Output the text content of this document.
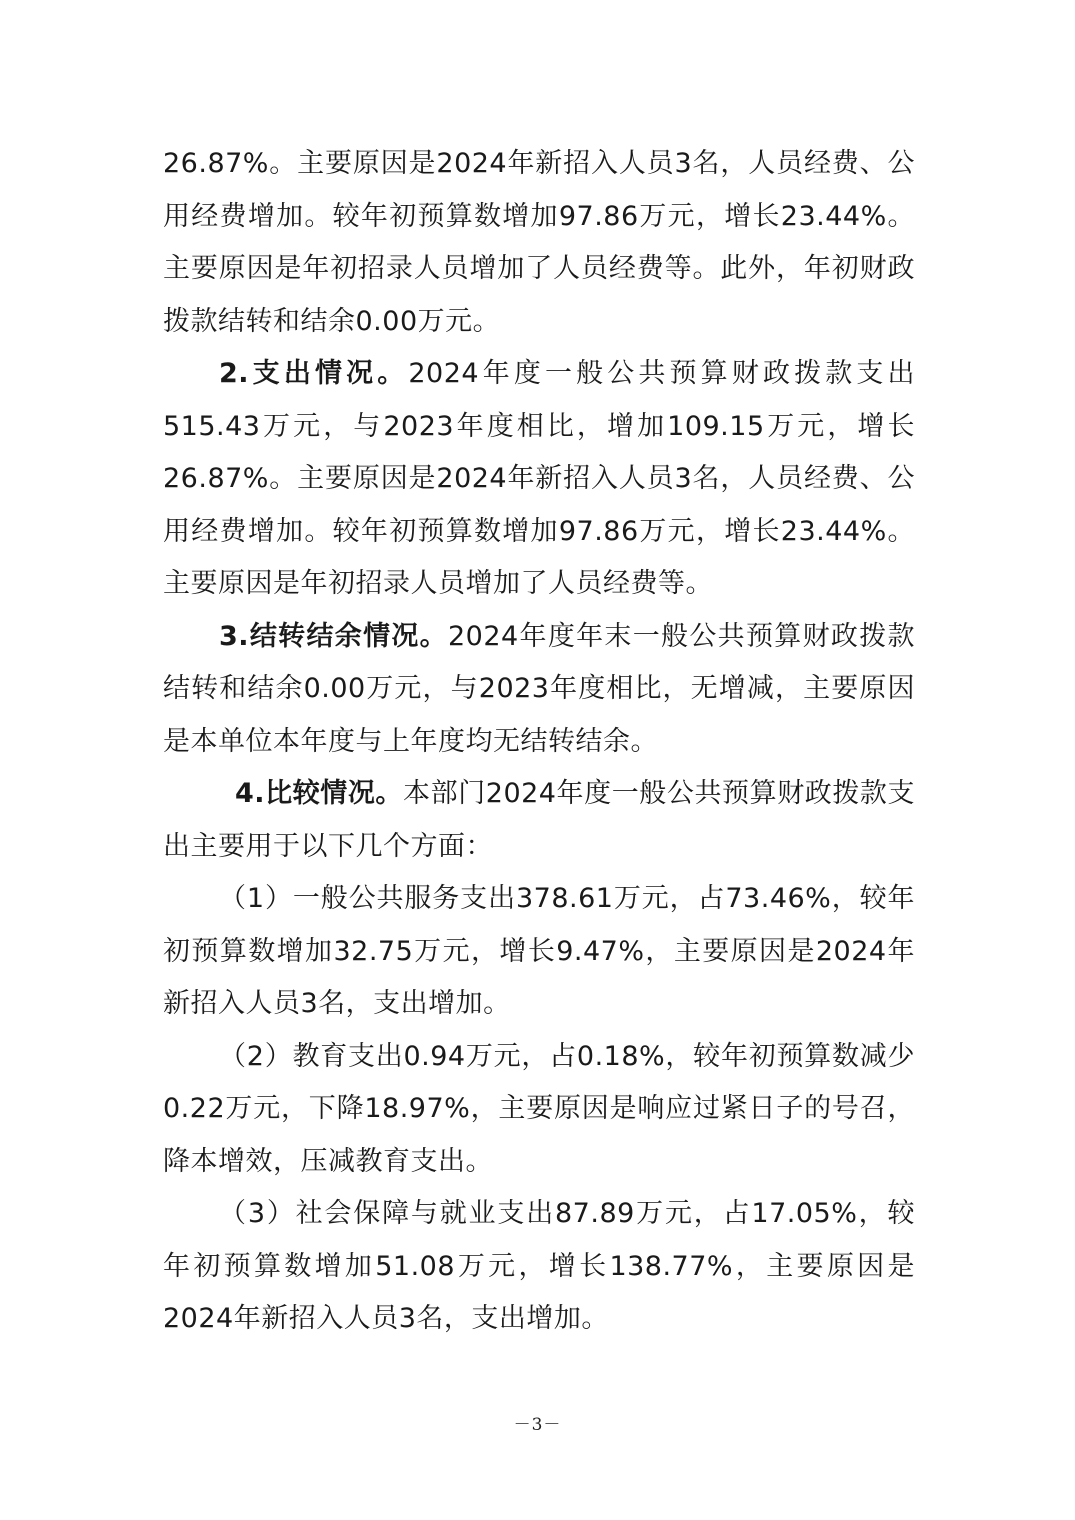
26.87%。主要原因是2024年新招入人员3名，人员经费、公用经费增加。较年初预算数增加97.86万元，增长23.44%。主要原因是年初招录人员增加了人员经费等。此外，年初财政拨款结转和结余0.00万元。

2.支出情况。2024年度一般公共预算财政拨款支出515.43万元，与2023年度相比，增加109.15万元，增长26.87%。主要原因是2024年新招入人员3名，人员经费、公用经费增加。较年初预算数增加97.86万元，增长23.44%。主要原因是年初招录人员增加了人员经费等。

3.结转结余情况。2024年度年末一般公共预算财政拨款结转和结余0.00万元，与2023年度相比，无增减，主要原因是本单位本年度与上年度均无结转结余。

4.比较情况。本部门2024年度一般公共预算财政拨款支出主要用于以下几个方面：

（1）一般公共服务支出378.61万元，占73.46%，较年初预算数增加32.75万元，增长9.47%，主要原因是2024年新招入人员3名，支出增加。

（2）教育支出0.94万元，占0.18%，较年初预算数减少0.22万元，下降18.97%，主要原因是响应过紧日子的号召，降本增效，压减教育支出。

（3）社会保障与就业支出87.89万元，占17.05%，较年初预算数增加51.08万元，增长138.77%，主要原因是2024年新招入人员3名，支出增加。

－3－
